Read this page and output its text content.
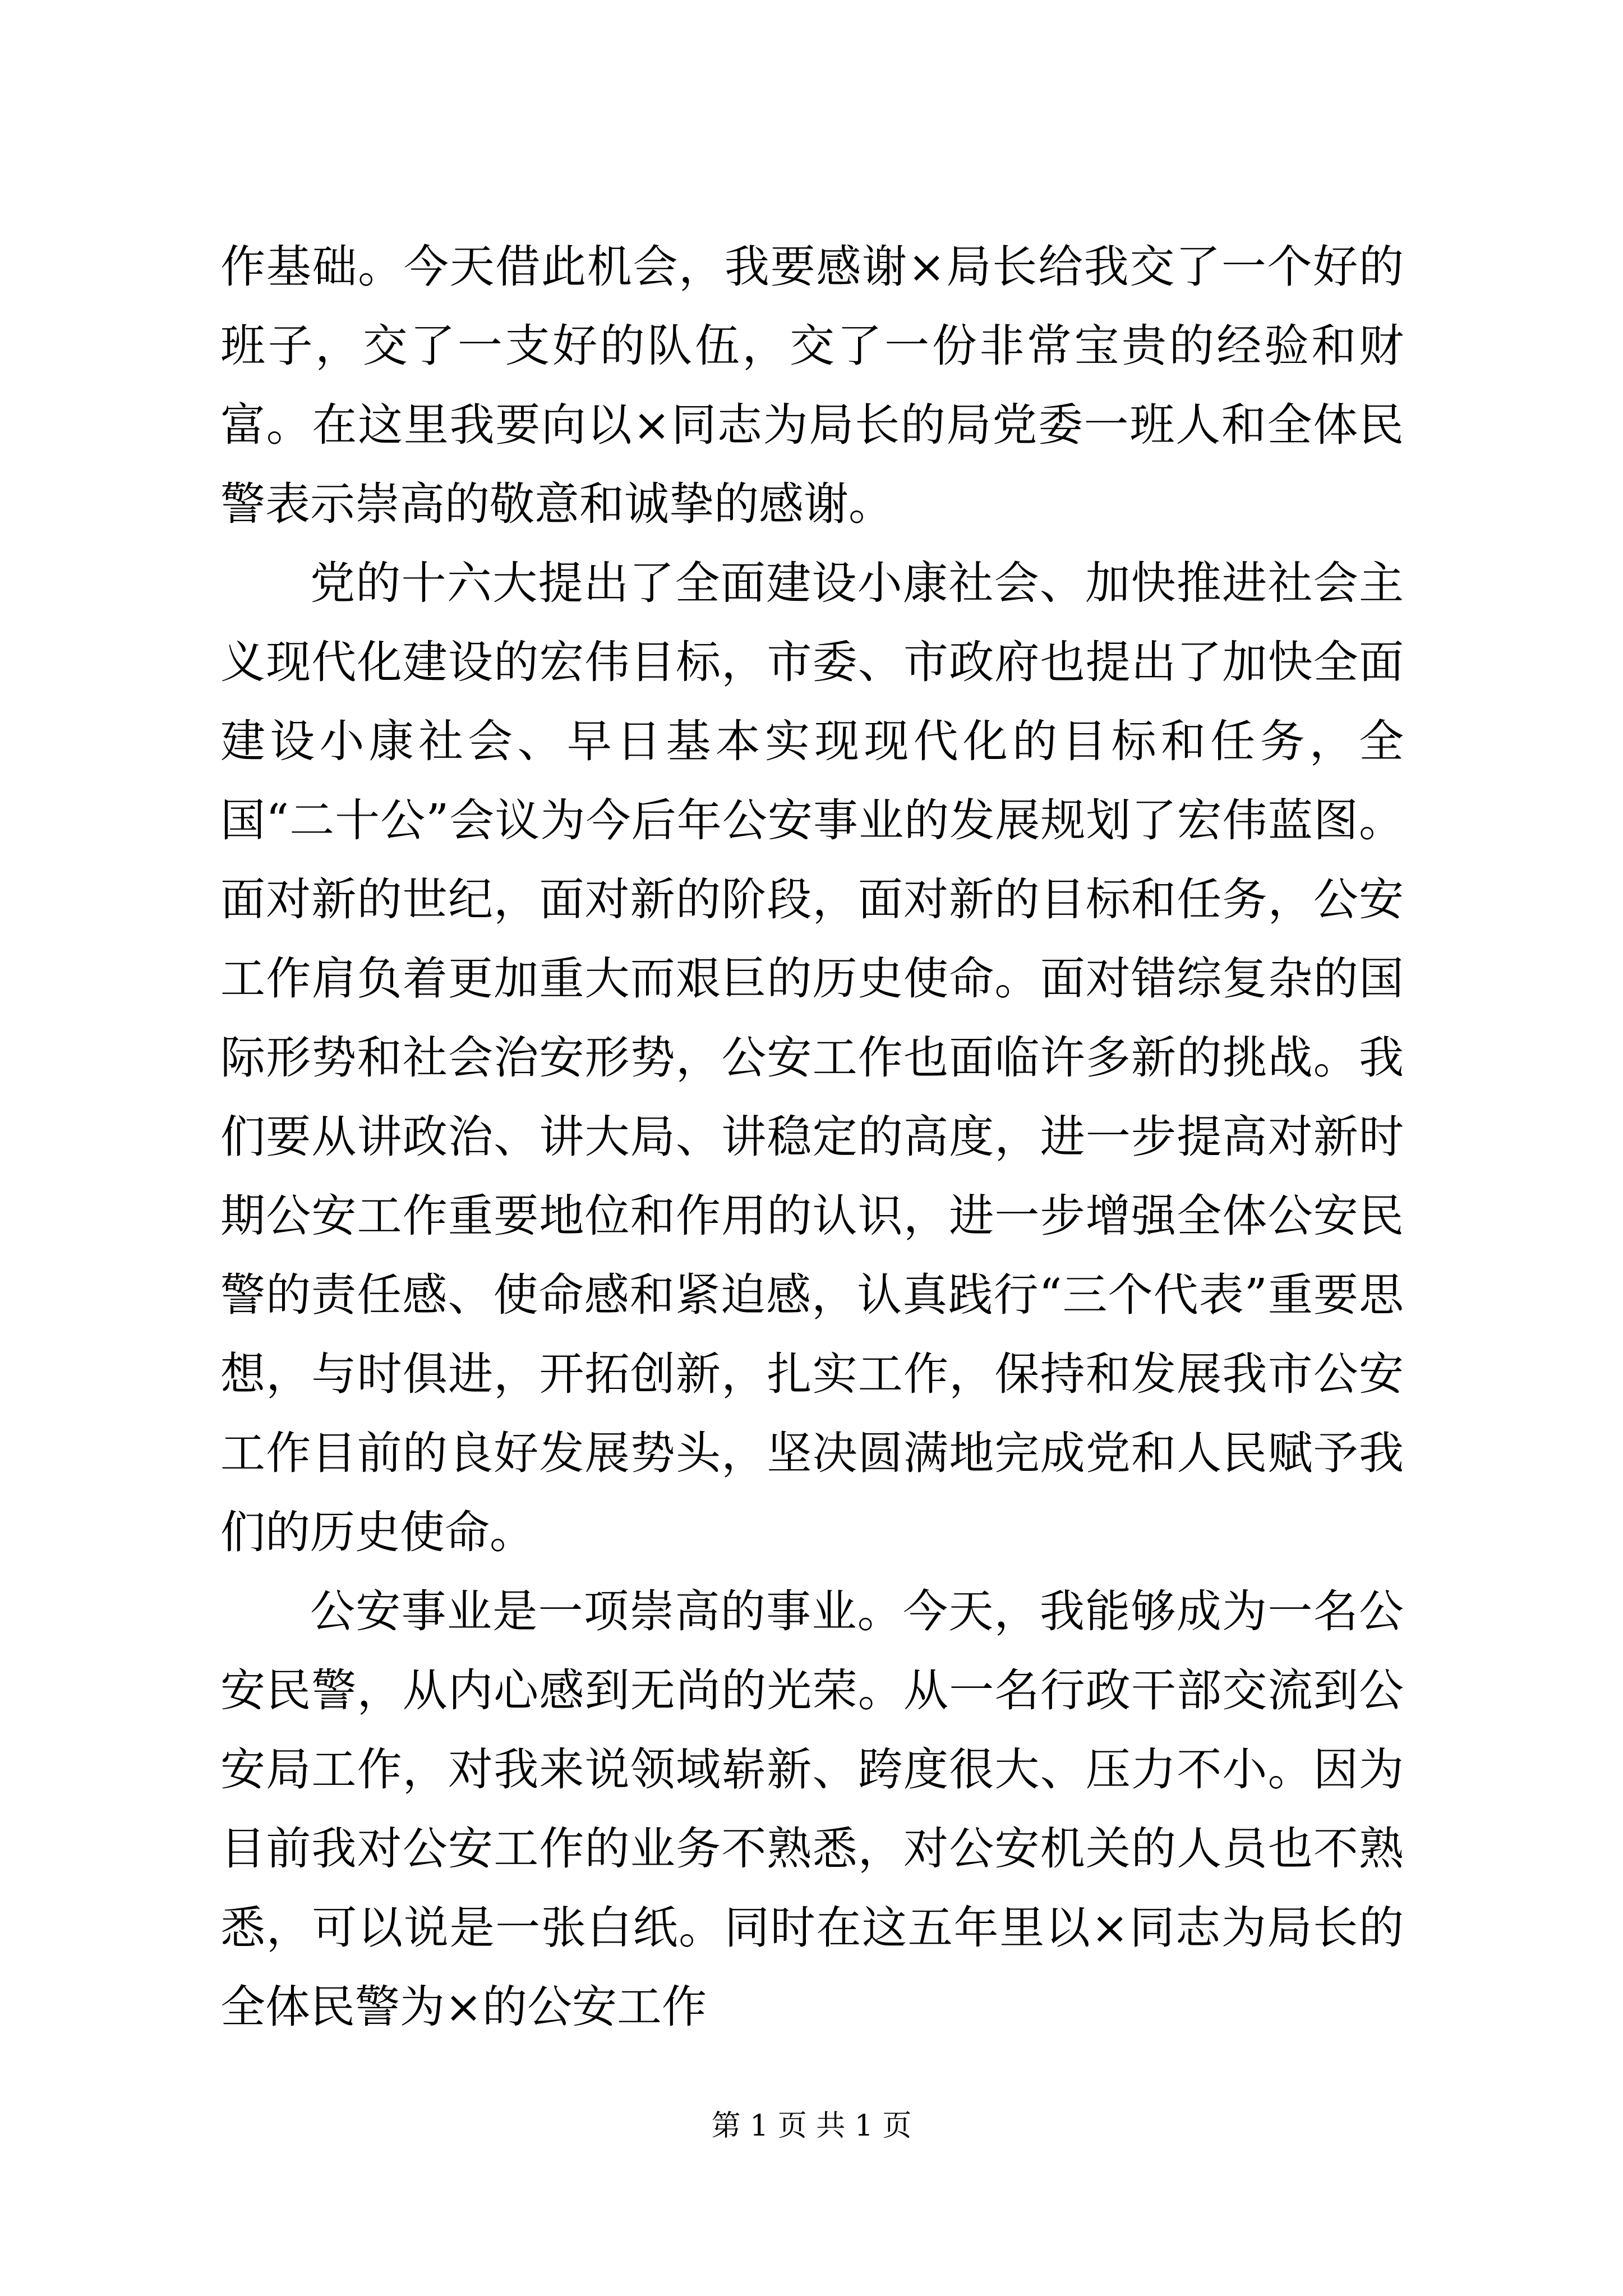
作基础。今天借此机会，我要感谢×局长给我交了一个好的班子，交了一支好的队伍，交了一份非常宝贵的经验和财富。在这里我要向以×同志为局长的局党委一班人和全体民警表示崇高的敬意和诚挚的感谢。

党的十六大提出了全面建设小康社会、加快推进社会主义现代化建设的宏伟目标，市委、市政府也提出了加快全面建设小康社会、早日基本实现现代化的目标和任务，全国“二十公”会议为今后年公安事业的发展规划了宏伟蓝图。面对新的世纪，面对新的阶段，面对新的目标和任务，公安工作肩负着更加重大而艰巨的历史使命。面对错综复杂的国际形势和社会治安形势，公安工作也面临许多新的挑战。我们要从讲政治、讲大局、讲稳定的高度，进一步提高对新时期公安工作重要地位和作用的认识，进一步增强全体公安民警的责任感、使命感和紧迫感，认真践行“三个代表”重要思想，与时俱进，开拓创新，扎实工作，保持和发展我市公安工作目前的良好发展势头，坚决圆满地完成党和人民赋予我们的历史使命。

公安事业是一项崇高的事业。今天，我能够成为一名公安民警，从内心感到无尚的光荣。从一名行政干部交流到公安局工作，对我来说领域崭新、跨度很大、压力不小。因为目前我对公安工作的业务不熟悉，对公安机关的人员也不熟悉，可以说是一张白纸。同时在这五年里以×同志为局长的全体民警为×的公安工作

第 1 页 共 1 页
